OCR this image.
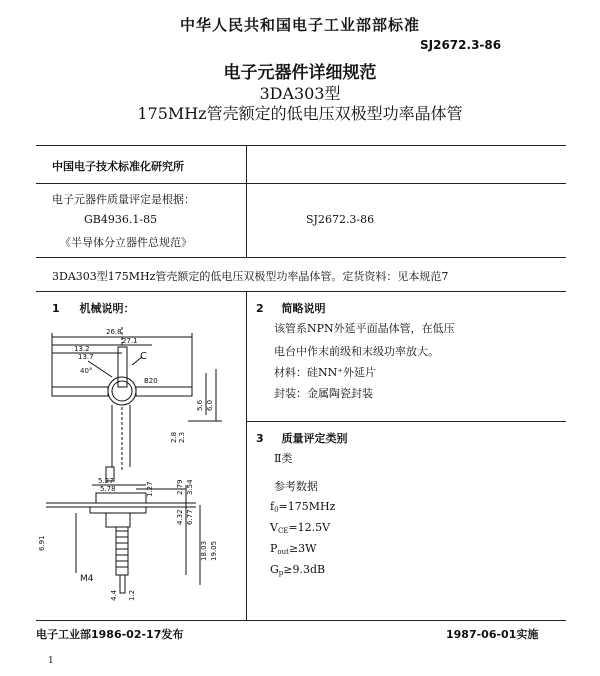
中华人民共和国电子工业部部标准
SJ2672.3-86
电子元器件详细规范
3DA303型
175MHz管壳额定的低电压双极型功率晶体管
中国电子技术标准化研究所
电子元器件质量评定是根据：
GB4936.1-85
《半导体分立器件总规范》
SJ2672.3-86
3DA303型175MHz管壳额定的低电压双极型功率晶体管。定货资料：见本规范7
1 机械说明：
26.8
27.1
13.2
13.7
40°
C
B20
5.6 6.0
2.8 2.3
5.27
5.78	1.27	2.79 3.54
4.32 6.77
6.91	18.03 19.05
M4
4.4 1.2
2 简略说明
该管系NPN外延平面晶体管，在低压
电台中作末前级和末级功率放大。
材料：硅NN⁺外延片
封装：金属陶瓷封装
3 质量评定类别
Ⅱ类
参考数据
$f_0=175MHz$
$V_{CE}=12.5V$
$P_{out}\ge 3W$
$G_p\ge 9.3dB$
电子工业部1986-02-17发布	1987-06-01实施
1
